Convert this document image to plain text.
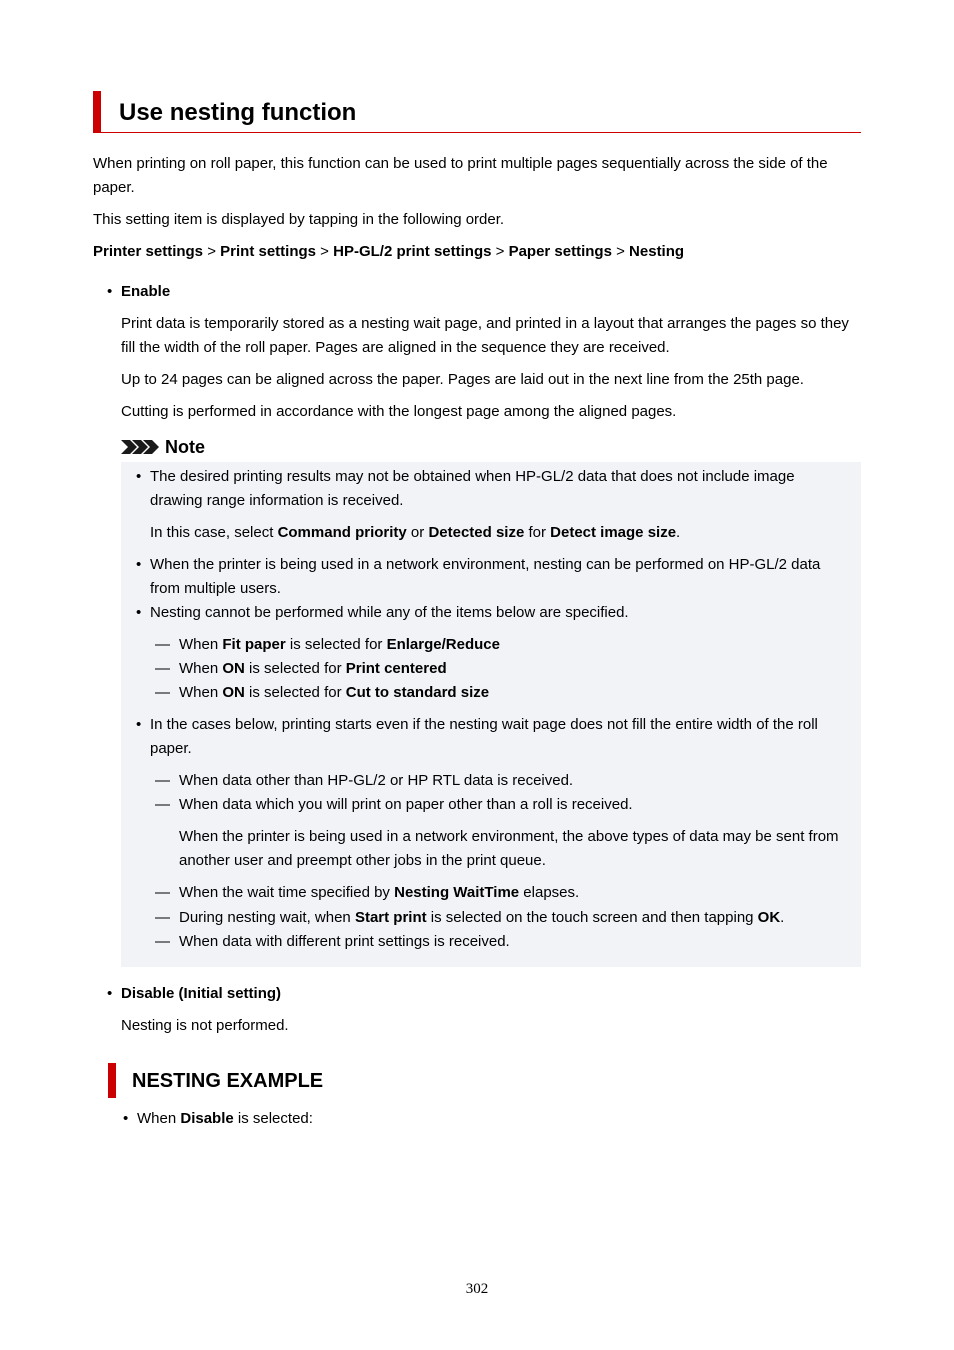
Use nesting function
When printing on roll paper, this function can be used to print multiple pages sequentially across the side of the paper.
This setting item is displayed by tapping in the following order.
Printer settings > Print settings > HP-GL/2 print settings > Paper settings > Nesting
• Enable
Print data is temporarily stored as a nesting wait page, and printed in a layout that arranges the pages so they fill the width of the roll paper. Pages are aligned in the sequence they are received.
Up to 24 pages can be aligned across the paper. Pages are laid out in the next line from the 25th page.
Cutting is performed in accordance with the longest page among the aligned pages.
Note
• The desired printing results may not be obtained when HP-GL/2 data that does not include image drawing range information is received.
In this case, select Command priority or Detected size for Detect image size.
• When the printer is being used in a network environment, nesting can be performed on HP-GL/2 data from multiple users.
• Nesting cannot be performed while any of the items below are specified.
― When Fit paper is selected for Enlarge/Reduce
― When ON is selected for Print centered
― When ON is selected for Cut to standard size
• In the cases below, printing starts even if the nesting wait page does not fill the entire width of the roll paper.
― When data other than HP-GL/2 or HP RTL data is received.
― When data which you will print on paper other than a roll is received.
When the printer is being used in a network environment, the above types of data may be sent from another user and preempt other jobs in the print queue.
― When the wait time specified by Nesting WaitTime elapses.
― During nesting wait, when Start print is selected on the touch screen and then tapping OK.
― When data with different print settings is received.
• Disable (Initial setting)
Nesting is not performed.
NESTING EXAMPLE
• When Disable is selected:
302
